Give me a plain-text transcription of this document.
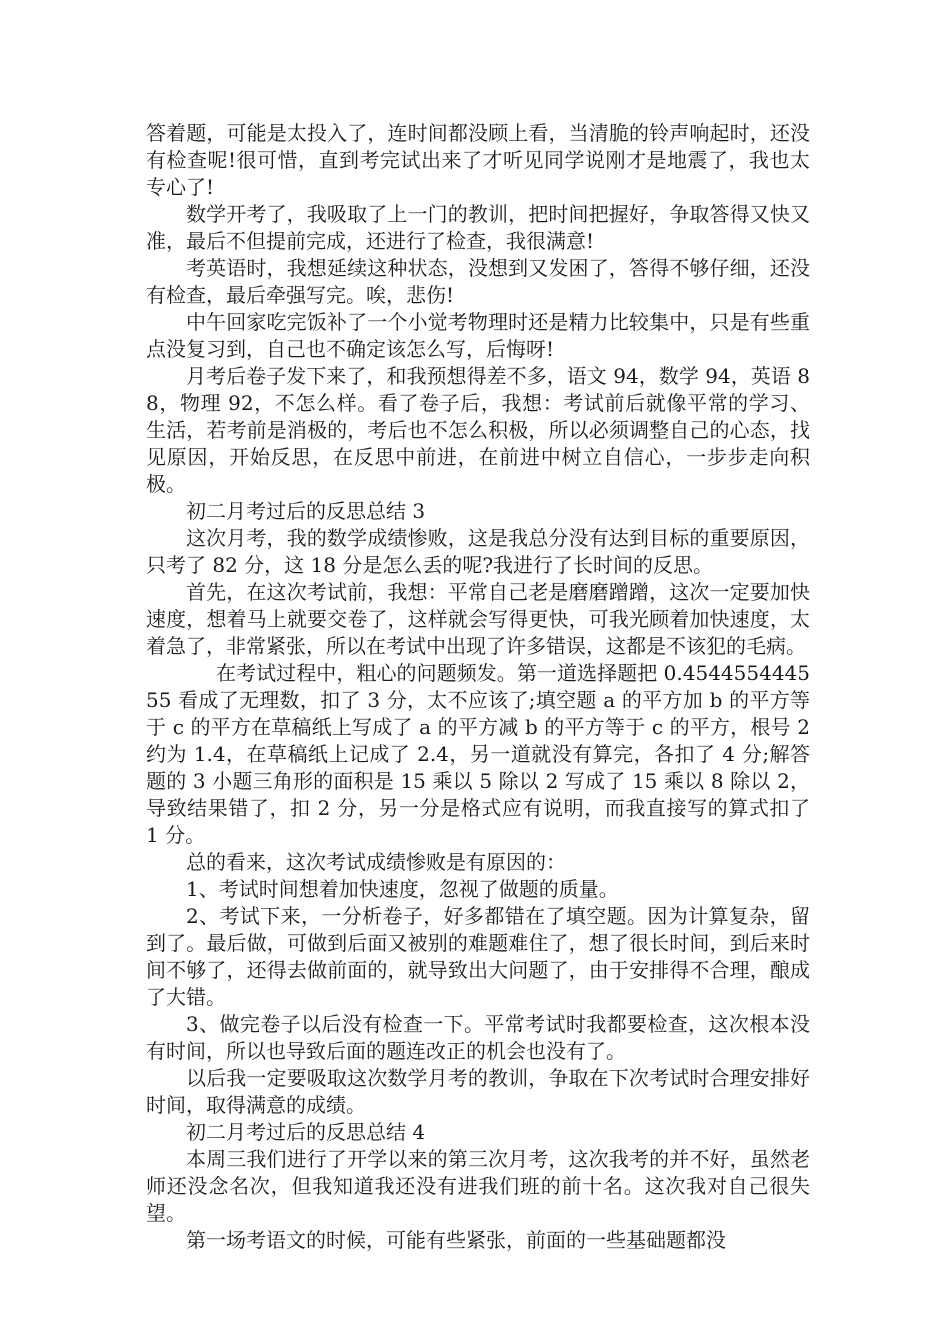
答着题，可能是太投入了，连时间都没顾上看，当清脆的铃声响起时，还没有检查呢!很可惜，直到考完试出来了才听见同学说刚才是地震了，我也太专心了!

数学开考了，我吸取了上一门的教训，把时间把握好，争取答得又快又准，最后不但提前完成，还进行了检查，我很满意!

考英语时，我想延续这种状态，没想到又发困了，答得不够仔细，还没有检查，最后牵强写完。唉，悲伤!

中午回家吃完饭补了一个小觉考物理时还是精力比较集中，只是有些重点没复习到，自己也不确定该怎么写，后悔呀!

月考后卷子发下来了，和我预想得差不多，语文 94，数学 94，英语 88，物理 92，不怎么样。看了卷子后，我想：考试前后就像平常的学习、生活，若考前是消极的，考后也不怎么积极，所以必须调整自己的心态，找见原因，开始反思，在反思中前进，在前进中树立自信心，一步步走向积极。

初二月考过后的反思总结 3

这次月考，我的数学成绩惨败，这是我总分没有达到目标的重要原因，只考了 82 分，这 18 分是怎么丢的呢?我进行了长时间的反思。

首先，在这次考试前，我想：平常自己老是磨磨蹭蹭，这次一定要加快速度，想着马上就要交卷了，这样就会写得更快，可我光顾着加快速度，太着急了，非常紧张，所以在考试中出现了许多错误，这都是不该犯的毛病。

在考试过程中，粗心的问题频发。第一道选择题把 0.454455444555 看成了无理数，扣了 3 分，太不应该了;填空题 a 的平方加 b 的平方等于 c 的平方在草稿纸上写成了 a 的平方减 b 的平方等于 c 的平方，根号 2 约为 1.4，在草稿纸上记成了 2.4，另一道就没有算完，各扣了 4 分;解答题的 3 小题三角形的面积是 15 乘以 5 除以 2 写成了 15 乘以 8 除以 2，导致结果错了，扣 2 分，另一分是格式应有说明，而我直接写的算式扣了 1 分。

总的看来，这次考试成绩惨败是有原因的：

1、考试时间想着加快速度，忽视了做题的质量。

2、考试下来，一分析卷子，好多都错在了填空题。因为计算复杂，留到了。最后做，可做到后面又被别的难题难住了，想了很长时间，到后来时间不够了，还得去做前面的，就导致出大问题了，由于安排得不合理，酿成了大错。

3、做完卷子以后没有检查一下。平常考试时我都要检查，这次根本没有时间，所以也导致后面的题连改正的机会也没有了。

以后我一定要吸取这次数学月考的教训，争取在下次考试时合理安排好时间，取得满意的成绩。

初二月考过后的反思总结 4

本周三我们进行了开学以来的第三次月考，这次我考的并不好，虽然老师还没念名次，但我知道我还没有进我们班的前十名。这次我对自己很失望。

第一场考语文的时候，可能有些紧张，前面的一些基础题都没
